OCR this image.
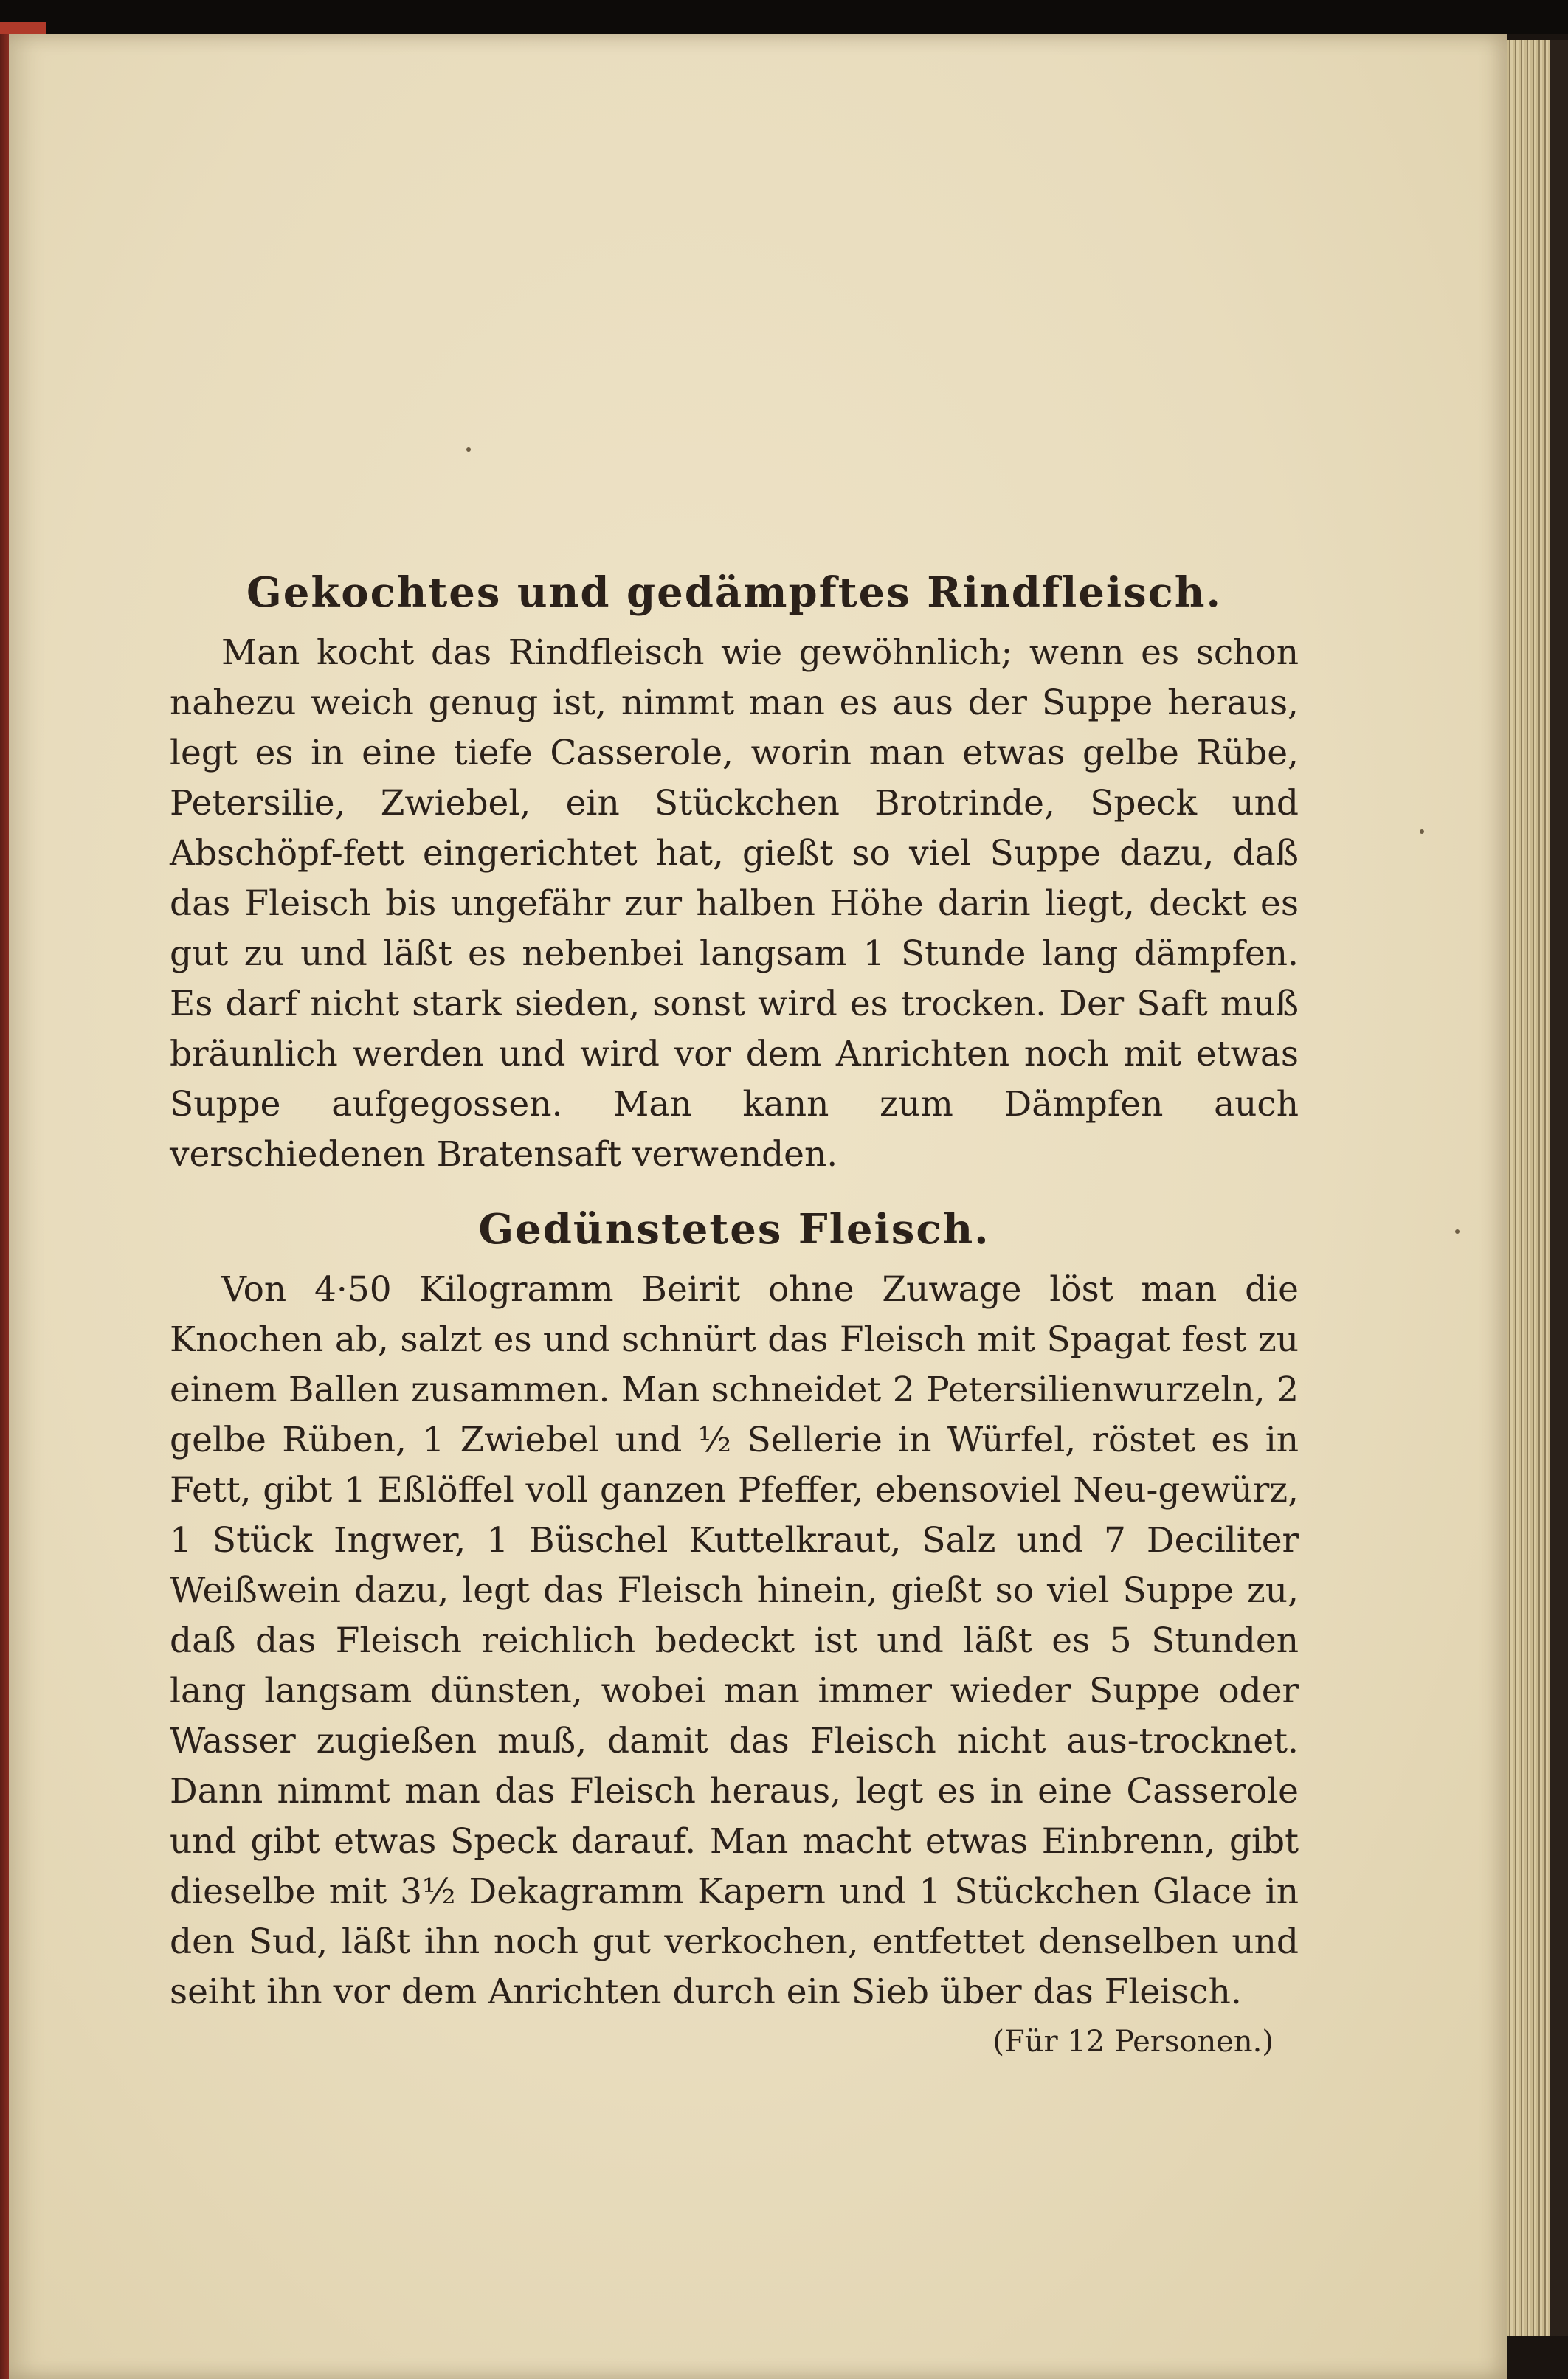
Gekochtes und gedämpftes Rindfleisch.

Man kocht das Rindfleisch wie gewöhnlich; wenn es schon nahezu weich genug ist, nimmt man es aus der Suppe heraus, legt es in eine tiefe Casserole, worin man etwas gelbe Rübe, Petersilie, Zwiebel, ein Stückchen Brotrinde, Speck und Abschöpf-fett eingerichtet hat, gießt so viel Suppe dazu, daß das Fleisch bis ungefähr zur halben Höhe darin liegt, deckt es gut zu und läßt es nebenbei langsam 1 Stunde lang dämpfen. Es darf nicht stark sieden, sonst wird es trocken. Der Saft muß bräunlich werden und wird vor dem Anrichten noch mit etwas Suppe aufgegossen. Man kann zum Dämpfen auch verschiedenen Bratensaft verwenden.

Gedünstetes Fleisch.

Von 4·50 Kilogramm Beirit ohne Zuwage löst man die Knochen ab, salzt es und schnürt das Fleisch mit Spagat fest zu einem Ballen zusammen. Man schneidet 2 Petersilienwurzeln, 2 gelbe Rüben, 1 Zwiebel und ½ Sellerie in Würfel, röstet es in Fett, gibt 1 Eßlöffel voll ganzen Pfeffer, ebensoviel Neu-gewürz, 1 Stück Ingwer, 1 Büschel Kuttelkraut, Salz und 7 Deciliter Weißwein dazu, legt das Fleisch hinein, gießt so viel Suppe zu, daß das Fleisch reichlich bedeckt ist und läßt es 5 Stunden lang langsam dünsten, wobei man immer wieder Suppe oder Wasser zugießen muß, damit das Fleisch nicht aus-trocknet. Dann nimmt man das Fleisch heraus, legt es in eine Casserole und gibt etwas Speck darauf. Man macht etwas Einbrenn, gibt dieselbe mit 3½ Dekagramm Kapern und 1 Stückchen Glace in den Sud, läßt ihn noch gut verkochen, entfettet denselben und seiht ihn vor dem Anrichten durch ein Sieb über das Fleisch.

(Für 12 Personen.)
